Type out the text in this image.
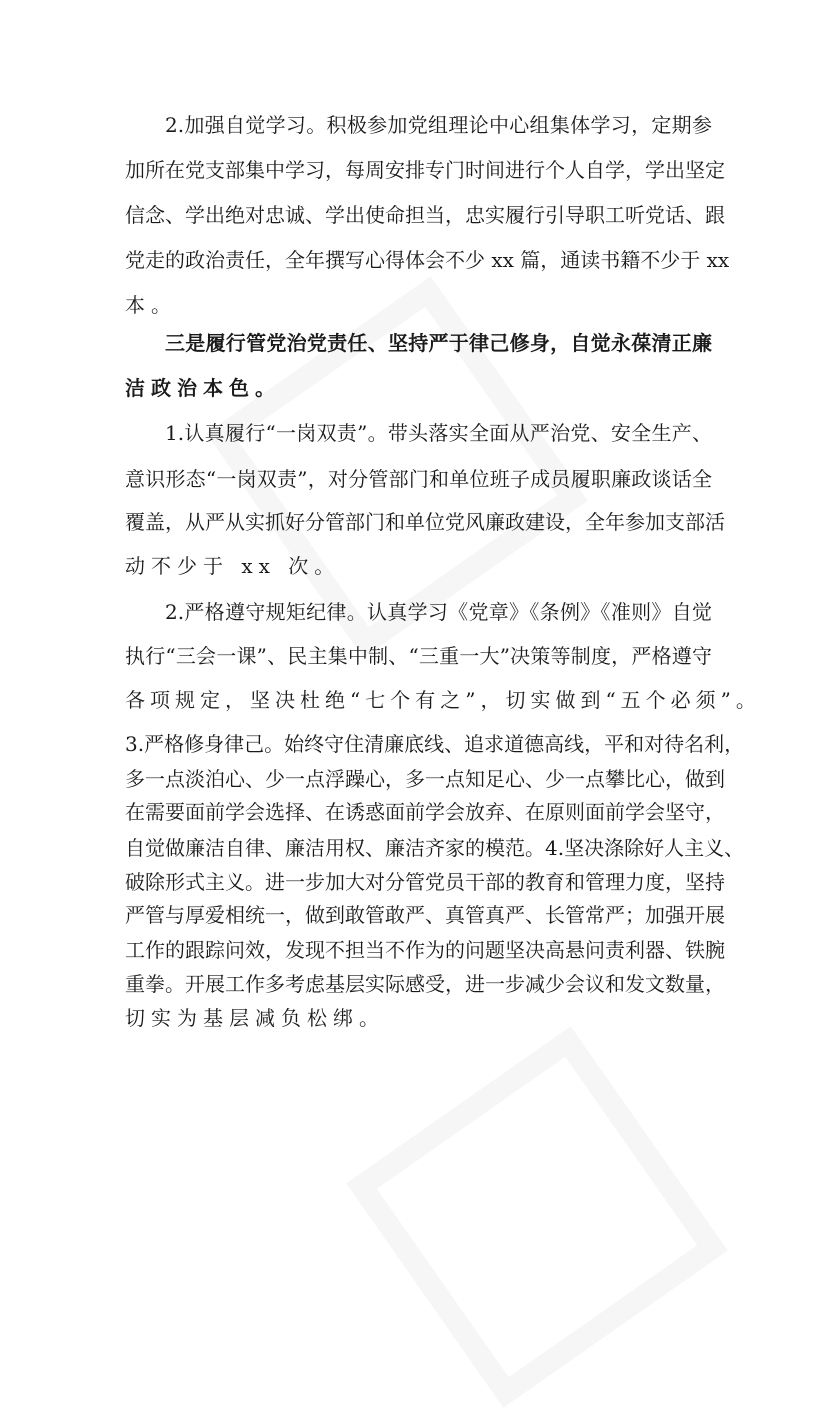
2.加强自觉学习。积极参加党组理论中心组集体学习，定期参
加所在党支部集中学习，每周安排专门时间进行个人自学，学出坚定
信念、学出绝对忠诚、学出使命担当，忠实履行引导职工听党话、跟
党走的政治责任，全年撰写心得体会不少 xx 篇，通读书籍不少于 xx
本。
三是履行管党治党责任、坚持严于律己修身，自觉永葆清正廉
洁政治本色。
1.认真履行“一岗双责”。带头落实全面从严治党、安全生产、
意识形态“一岗双责”，对分管部门和单位班子成员履职廉政谈话全
覆盖，从严从实抓好分管部门和单位党风廉政建设，全年参加支部活
动不少于 xx 次。
2.严格遵守规矩纪律。认真学习《党章》《条例》《准则》自觉
执行“三会一课”、民主集中制、“三重一大”决策等制度，严格遵守
各项规定，坚决杜绝“七个有之”，切实做到“五个必须”。
3.严格修身律己。始终守住清廉底线、追求道德高线，平和对待名利，
多一点淡泊心、少一点浮躁心，多一点知足心、少一点攀比心，做到
在需要面前学会选择、在诱惑面前学会放弃、在原则面前学会坚守，
自觉做廉洁自律、廉洁用权、廉洁齐家的模范。4.坚决涤除好人主义、
破除形式主义。进一步加大对分管党员干部的教育和管理力度，坚持
严管与厚爱相统一，做到敢管敢严、真管真严、长管常严；加强开展
工作的跟踪问效，发现不担当不作为的问题坚决高悬问责利器、铁腕
重拳。开展工作多考虑基层实际感受，进一步减少会议和发文数量，
切实为基层减负松绑。
